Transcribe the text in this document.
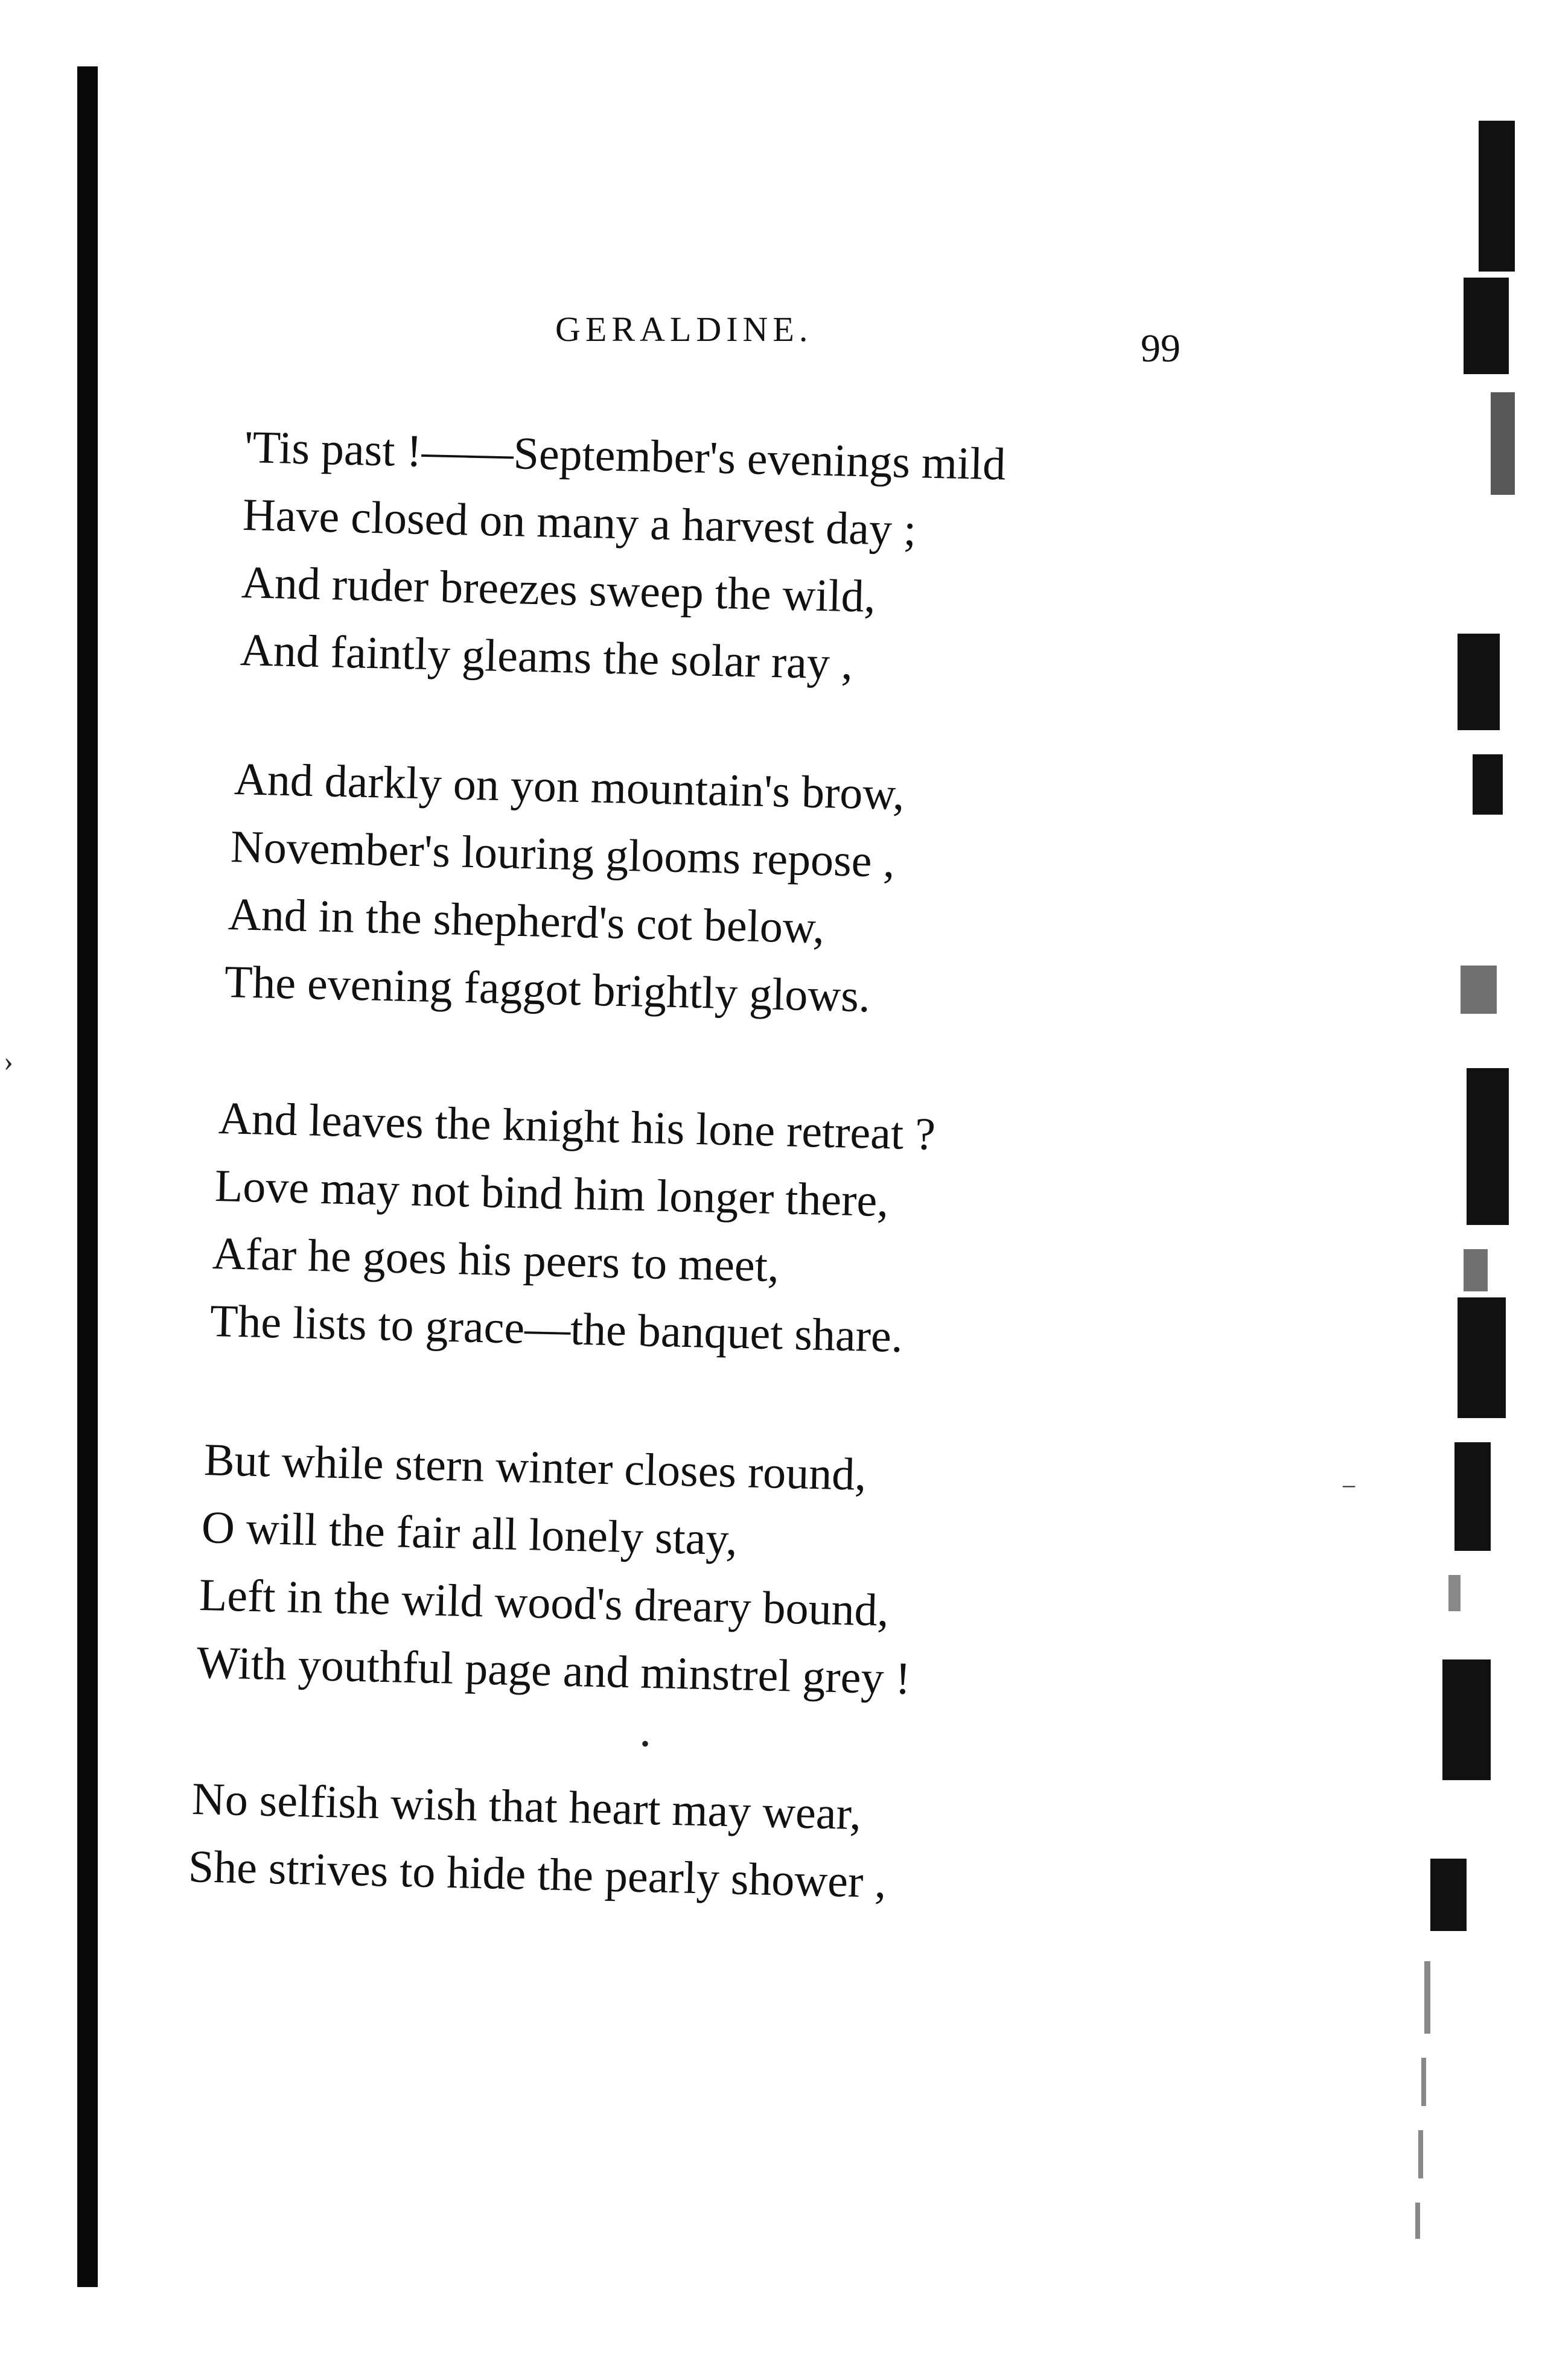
GERALDINE.	99
'Tis past !——September's evenings mild
Have closed on many a harvest day ;
And ruder breezes sweep the wild,
And faintly gleams the solar ray ,
And darkly on yon mountain's brow,
November's louring glooms repose ,
And in the shepherd's cot below,
The evening faggot brightly glows.
And leaves the knight his lone retreat ?
Love may not bind him longer there,
Afar he goes his peers to meet,
The lists to grace—the banquet share.
But while stern winter closes round,
O will the fair all lonely stay,
Left in the wild wood's dreary bound,
With youthful page and minstrel grey !
No selfish wish that heart may wear,
She strives to hide the pearly shower ,
›
•
–
